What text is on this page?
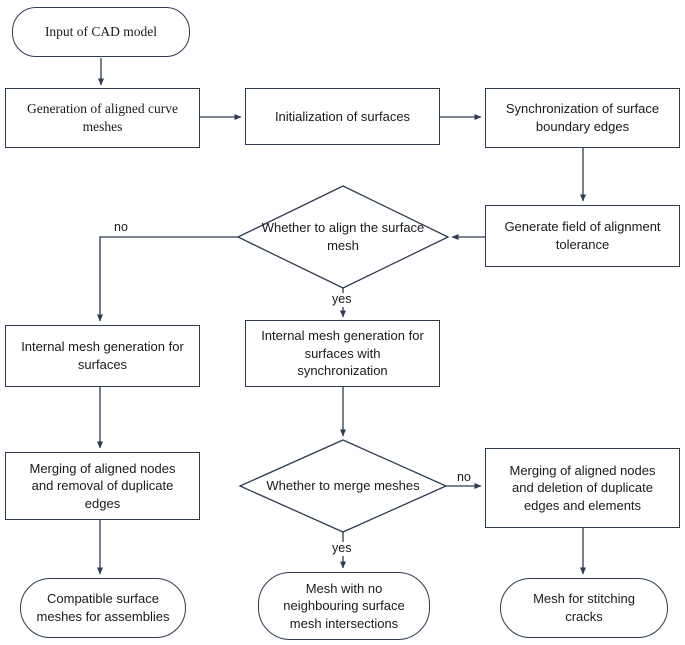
Input of CAD model
Generation of aligned curve meshes
Initialization of surfaces	Synchronization of surface boundary edges
Generate field of alignment tolerance
Whether to align the surface mesh
Internal mesh generation for surfaces
Internal mesh generation for surfaces with synchronization
Merging of aligned nodes and removal of duplicate edges
Whether to merge meshes
Merging of aligned nodes and deletion of duplicate edges and elements
Compatible surface meshes for assemblies
Mesh with no neighbouring surface mesh intersections
Mesh for stitching cracks
no
yes
yes
no
